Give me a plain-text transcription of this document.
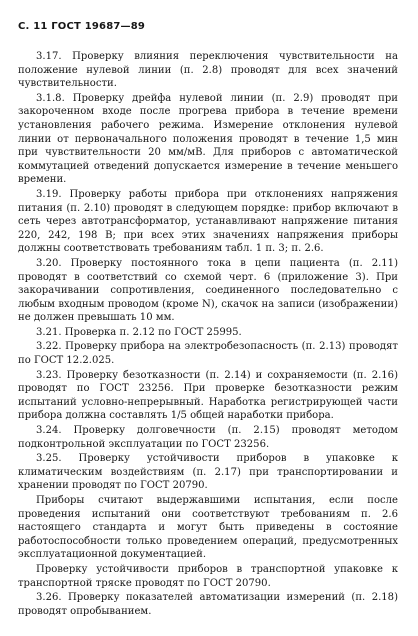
С. 11 ГОСТ 19687—89

3.17. Проверку влияния переключения чувствительности на положение нулевой линии (п. 2.8) проводят для всех значений чувствительности.

3.1.8. Проверку дрейфа нулевой линии (п. 2.9) проводят при закороченном входе после прогрева прибора в течение времени установления рабочего режима. Измерение отклонения нулевой линии от первоначального положения проводят в течение 1,5 мин при чувствительности 20 мм/мВ. Для приборов с автоматической коммутацией отведений допускается измерение в течение меньшего времени.

3.19. Проверку работы прибора при отклонениях напряжения питания (п. 2.10) проводят в следующем порядке: прибор включают в сеть через автотрансформатор, устанавливают напряжение питания 220, 242, 198 В; при всех этих значениях напряжения приборы должны соответствовать требованиям табл. 1 п. 3; п. 2.6.

3.20. Проверку постоянного тока в цепи пациента (п. 2.11) проводят в соответствий со схемой черт. 6 (приложение 3). При закорачивании сопротивления, соединенного последовательно с любым входным проводом (кроме N), скачок на записи (изображении) не должен превышать 10 мм.

3.21. Проверка п. 2.12 по ГОСТ 25995.

3.22. Проверку прибора на электробезопасность (п. 2.13) проводят по ГОСТ 12.2.025.

3.23. Проверку безотказности (п. 2.14) и сохраняемости (п. 2.16) проводят по ГОСТ 23256. При проверке безотказности режим испытаний условно-непрерывный. Наработка регистрирующей части прибора должна составлять 1/5 общей наработки прибора.

3.24. Проверку долговечности (п. 2.15) проводят методом подконтрольной эксплуатации по ГОСТ 23256.

3.25. Проверку устойчивости приборов в упаковке к климатическим воздействиям (п. 2.17) при транспортировании и хранении проводят по ГОСТ 20790.

Приборы считают выдержавшими испытания, если после проведения испытаний они соответствуют требованиям п. 2.6 настоящего стандарта и могут быть приведены в состояние работоспособности только проведением операций, предусмотренных эксплуатационной документацией.

Проверку устойчивости приборов в транспортной упаковке к транспортной тряске проводят по ГОСТ 20790.

3.26. Проверку показателей автоматизации измерений (п. 2.18) проводят опробыванием.
